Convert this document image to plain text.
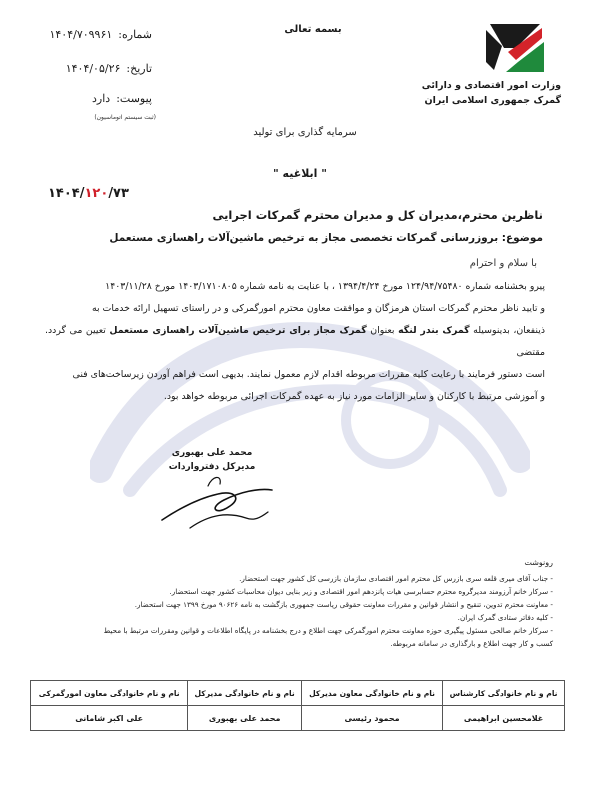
بسمه تعالی
وزارت امور اقتصادی و دارائی
گمرک جمهوری اسلامی ایران
۱۴۰۴/۷۰۹۹۶۱ شماره:
۱۴۰۴/۰۵/۲۶ تاریخ:
دارد پیوست:
(ثبت سیستم اتوماسیون)
سرمایه گذاری برای تولید
" ابلاغیه "
۱۴۰۴/۱۲۰/۷۳
ناظرین محترم،مدیران کل و مدیران محترم گمرکات اجرایی
موضوع: بروزرسانی گمرکات تخصصی مجاز به ترخیص ماشین‌آلات راهسازی مستعمل
با سلام و احترام
پیرو بخشنامه شماره ۱۲۴/۹۴/۷۵۴۸۰ مورخ ۱۳۹۴/۴/۲۴ ، با عنایت به نامه شماره ۱۴۰۳/۱۷۱۰۸۰۵ مورخ ۱۴۰۳/۱۱/۲۸
و تایید ناظر محترم گمرکات استان هرمزگان و موافقت معاون محترم امورگمرکی و در راستای تسهیل ارائه خدمات به
ذینفعان، بدینوسیله گمرک بندر لنگه بعنوان گمرک مجاز برای ترخیص ماشین‌آلات راهسازی مستعمل تعیین می گردد. مقتضی
است دستور فرمایند با رعایت کلیه مقررات مربوطه اقدام لازم معمول نمایند. بدیهی است فراهم آوردن زیرساخت‌های فنی
و آموزشی مرتبط با کارکنان و سایر الزامات مورد نیاز به عهده گمرکات اجرائی مربوطه خواهد بود.
محمد علی بهبوری
مدیرکل دفترواردات
رونوشت
- جناب آقای میری قلعه سری بازرس کل محترم امور اقتصادی سازمان بازرسی کل کشور جهت استحضار.
- سرکار خانم آرزومند مدیرگروه محترم حسابرسی هیات پانزدهم امور اقتصادی و زیر بنایی دیوان محاسبات کشور جهت استحضار.
- معاونت محترم تدوین، تنقیح و انتشار قوانین و مقررات معاونت حقوقی ریاست جمهوری بازگشت به نامه ۹۰۶۲۶ مورخ ۱۳۹۹ جهت استحضار.
- کلیه دفاتر ستادی گمرک ایران.
- سرکار خانم صالحی مسئول پیگیری حوزه معاونت محترم امورگمرکی جهت اطلاع و درج بخشنامه در پایگاه اطلاعات و قوانین ومقررات مرتبط با محیط
کسب و کار جهت اطلاع و بارگذاری در سامانه مربوطه.
نام و نام خانوادگی کارشناس	نام و نام خانوادگی معاون مدیرکل	نام و نام خانوادگی مدیرکل	نام و نام خانوادگی معاون امورگمرکی
غلامحسین ابراهیمی	محمود رئیسی	محمد علی بهبوری	علی اکبر شامانی
